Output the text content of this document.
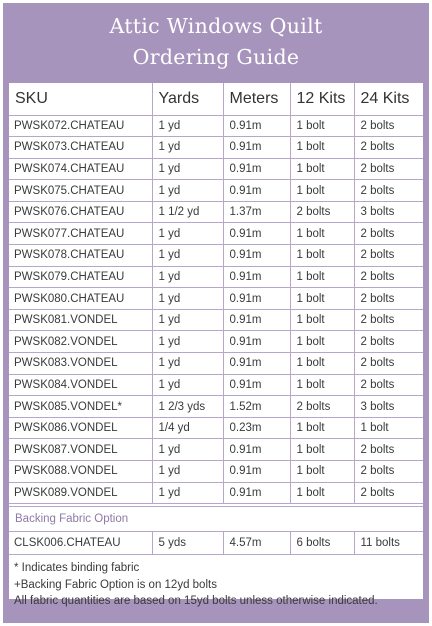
Attic Windows Quilt
Ordering Guide
SKU	Yards	Meters	12 Kits	24 Kits
PWSK072.CHATEAU	1 yd	0.91m	1 bolt	2 bolts
PWSK073.CHATEAU	1 yd	0.91m	1 bolt	2 bolts
PWSK074.CHATEAU	1 yd	0.91m	1 bolt	2 bolts
PWSK075.CHATEAU	1 yd	0.91m	1 bolt	2 bolts
PWSK076.CHATEAU	1 1/2 yd	1.37m	2 bolts	3 bolts
PWSK077.CHATEAU	1 yd	0.91m	1 bolt	2 bolts
PWSK078.CHATEAU	1 yd	0.91m	1 bolt	2 bolts
PWSK079.CHATEAU	1 yd	0.91m	1 bolt	2 bolts
PWSK080.CHATEAU	1 yd	0.91m	1 bolt	2 bolts
PWSK081.VONDEL	1 yd	0.91m	1 bolt	2 bolts
PWSK082.VONDEL	1 yd	0.91m	1 bolt	2 bolts
PWSK083.VONDEL	1 yd	0.91m	1 bolt	2 bolts
PWSK084.VONDEL	1 yd	0.91m	1 bolt	2 bolts
PWSK085.VONDEL*	1 2/3 yds	1.52m	2 bolts	3 bolts
PWSK086.VONDEL	1/4 yd	0.23m	1 bolt	1 bolt
PWSK087.VONDEL	1 yd	0.91m	1 bolt	2 bolts
PWSK088.VONDEL	1 yd	0.91m	1 bolt	2 bolts
PWSK089.VONDEL	1 yd	0.91m	1 bolt	2 bolts

Backing Fabric Option				
CLSK006.CHATEAU	5 yds	4.57m	6 bolts	11 bolts
* Indicates binding fabric
+Backing Fabric Option is on 12yd bolts
All fabric quantities are based on 15yd bolts unless otherwise indicated.
